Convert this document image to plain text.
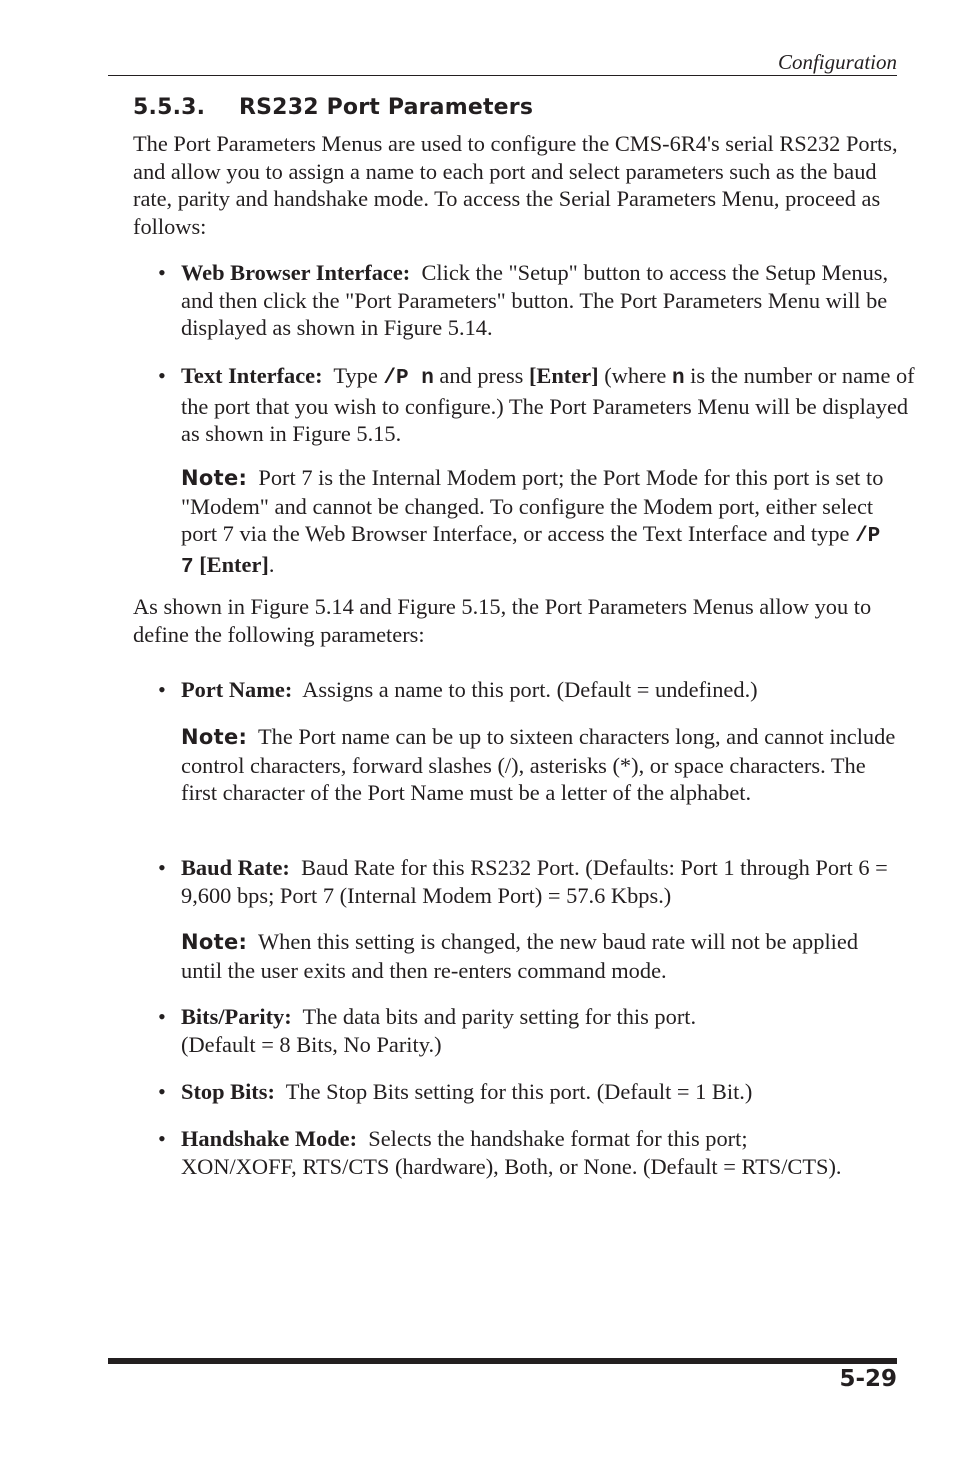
Configuration
5.5.3. RS232 Port Parameters

The Port Parameters Menus are used to configure the CMS-6R4's serial RS232 Ports, and allow you to assign a name to each port and select parameters such as the baud rate, parity and handshake mode. To access the Serial Parameters Menu, proceed as follows:

• Web Browser Interface: Click the "Setup" button to access the Setup Menus, and then click the "Port Parameters" button. The Port Parameters Menu will be displayed as shown in Figure 5.14.

• Text Interface: Type /P n and press [Enter] (where n is the number or name of the port that you wish to configure.) The Port Parameters Menu will be displayed as shown in Figure 5.15.

Note: Port 7 is the Internal Modem port; the Port Mode for this port is set to "Modem" and cannot be changed. To configure the Modem port, either select port 7 via the Web Browser Interface, or access the Text Interface and type /P 7 [Enter].

As shown in Figure 5.14 and Figure 5.15, the Port Parameters Menus allow you to define the following parameters:

• Port Name: Assigns a name to this port. (Default = undefined.)

Note: The Port name can be up to sixteen characters long, and cannot include control characters, forward slashes (/), asterisks (*), or space characters. The first character of the Port Name must be a letter of the alphabet.

• Baud Rate: Baud Rate for this RS232 Port. (Defaults: Port 1 through Port 6 = 9,600 bps; Port 7 (Internal Modem Port) = 57.6 Kbps.)

Note: When this setting is changed, the new baud rate will not be applied until the user exits and then re-enters command mode.

• Bits/Parity: The data bits and parity setting for this port.
(Default = 8 Bits, No Parity.)

• Stop Bits: The Stop Bits setting for this port. (Default = 1 Bit.)

• Handshake Mode: Selects the handshake format for this port;
XON/XOFF, RTS/CTS (hardware), Both, or None. (Default = RTS/CTS).

5-29
